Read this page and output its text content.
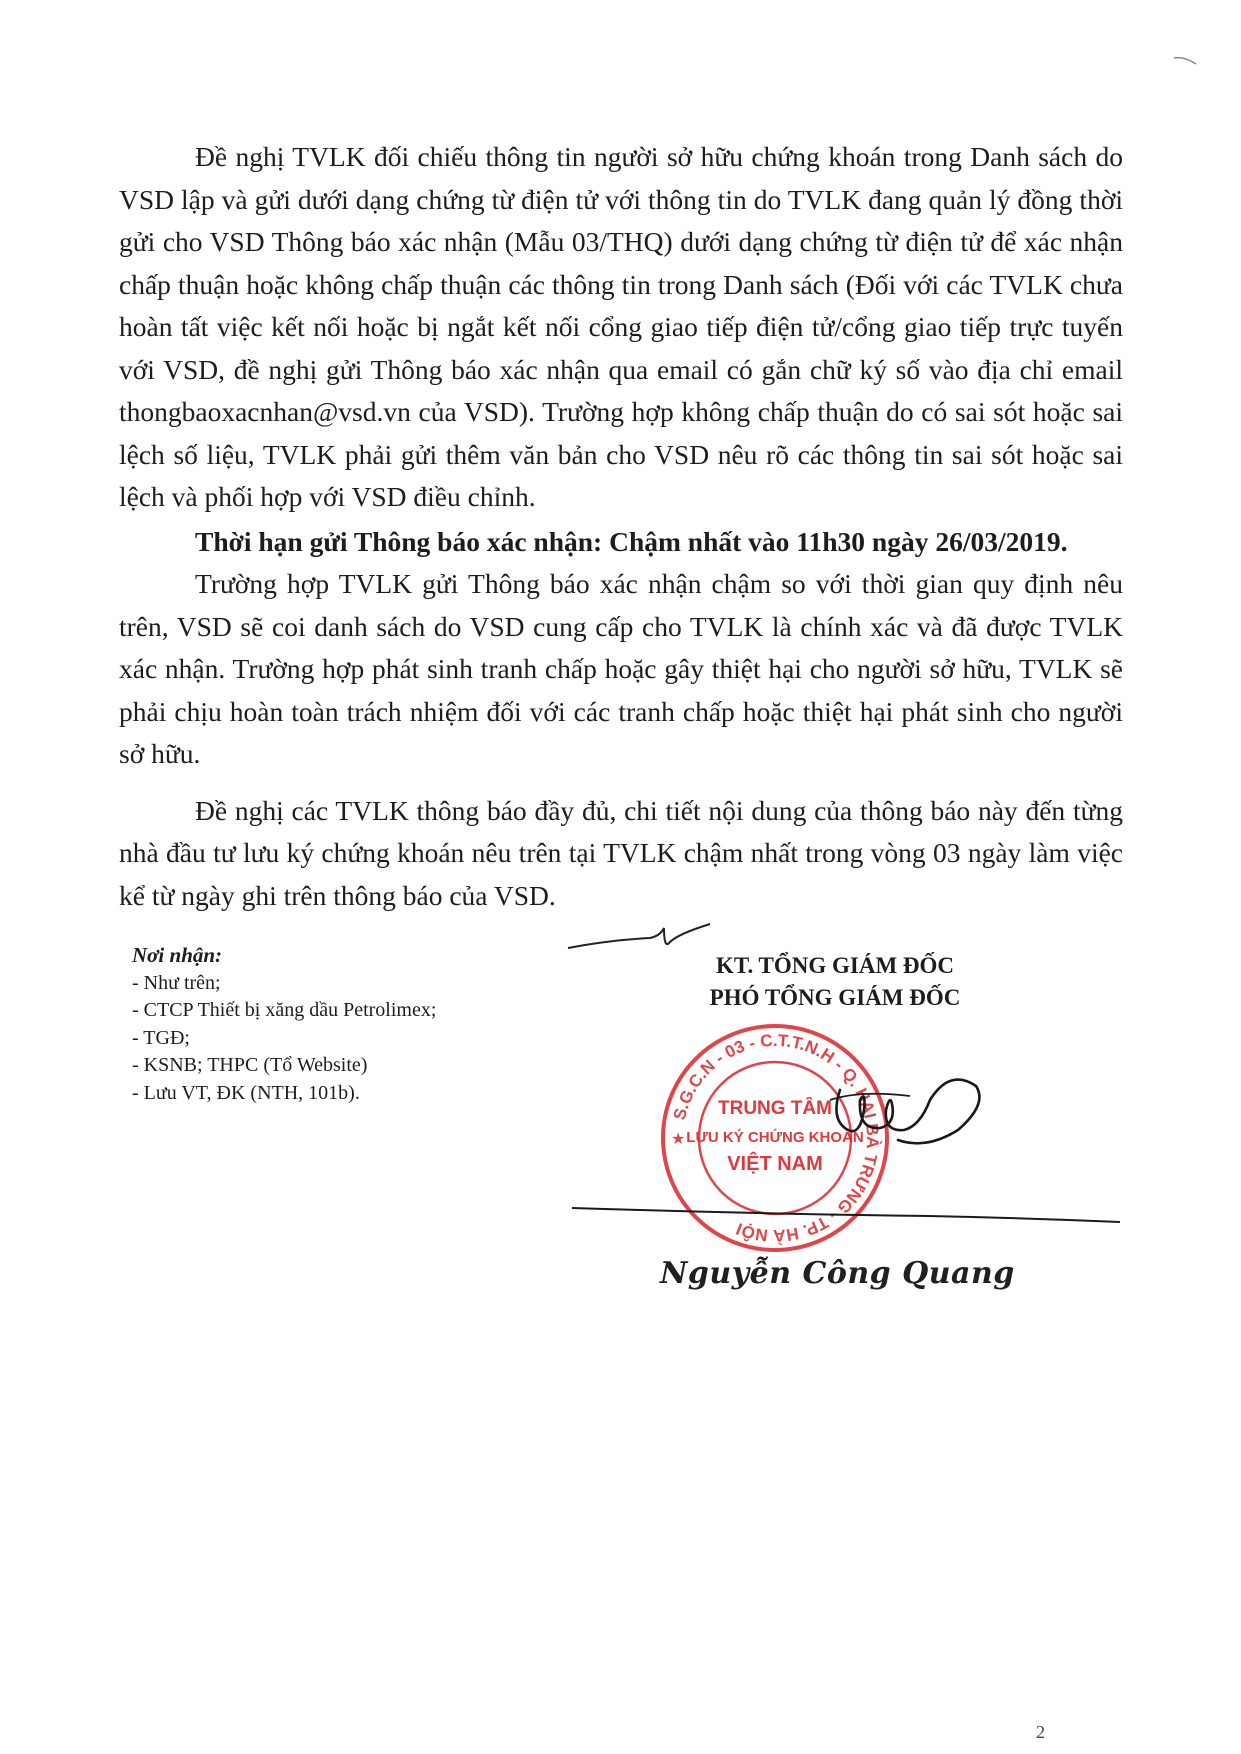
Đề nghị TVLK đối chiếu thông tin người sở hữu chứng khoán trong Danh sách do VSD lập và gửi dưới dạng chứng từ điện tử với thông tin do TVLK đang quản lý đồng thời gửi cho VSD Thông báo xác nhận (Mẫu 03/THQ) dưới dạng chứng từ điện tử để xác nhận chấp thuận hoặc không chấp thuận các thông tin trong Danh sách (Đối với các TVLK chưa hoàn tất việc kết nối hoặc bị ngắt kết nối cổng giao tiếp điện tử/cổng giao tiếp trực tuyến với VSD, đề nghị gửi Thông báo xác nhận qua email có gắn chữ ký số vào địa chỉ email thongbaoxacnhan@vsd.vn của VSD). Trường hợp không chấp thuận do có sai sót hoặc sai lệch số liệu, TVLK phải gửi thêm văn bản cho VSD nêu rõ các thông tin sai sót hoặc sai lệch và phối hợp với VSD điều chỉnh.

Thời hạn gửi Thông báo xác nhận: Chậm nhất vào 11h30 ngày 26/03/2019.

Trường hợp TVLK gửi Thông báo xác nhận chậm so với thời gian quy định nêu trên, VSD sẽ coi danh sách do VSD cung cấp cho TVLK là chính xác và đã được TVLK xác nhận. Trường hợp phát sinh tranh chấp hoặc gây thiệt hại cho người sở hữu, TVLK sẽ phải chịu hoàn toàn trách nhiệm đối với các tranh chấp hoặc thiệt hại phát sinh cho người sở hữu.

Đề nghị các TVLK thông báo đầy đủ, chi tiết nội dung của thông báo này đến từng nhà đầu tư lưu ký chứng khoán nêu trên tại TVLK chậm nhất trong vòng 03 ngày làm việc kể từ ngày ghi trên thông báo của VSD.

Nơi nhận:
- Như trên;
- CTCP Thiết bị xăng dầu Petrolimex;
- TGĐ;
- KSNB; THPC (Tổ Website)
- Lưu VT, ĐK (NTH, 101b).
KT. TỔNG GIÁM ĐỐC
PHÓ TỔNG GIÁM ĐỐC
S.G.C.N - 03 - C.T.T.N.H - Q. HAI BÀ TRƯNG - TP. HÀ NỘI
TRUNG TÂM
LƯU KÝ CHỨNG KHOÁN
VIỆT NAM
★
Nguyễn Công Quang
2
